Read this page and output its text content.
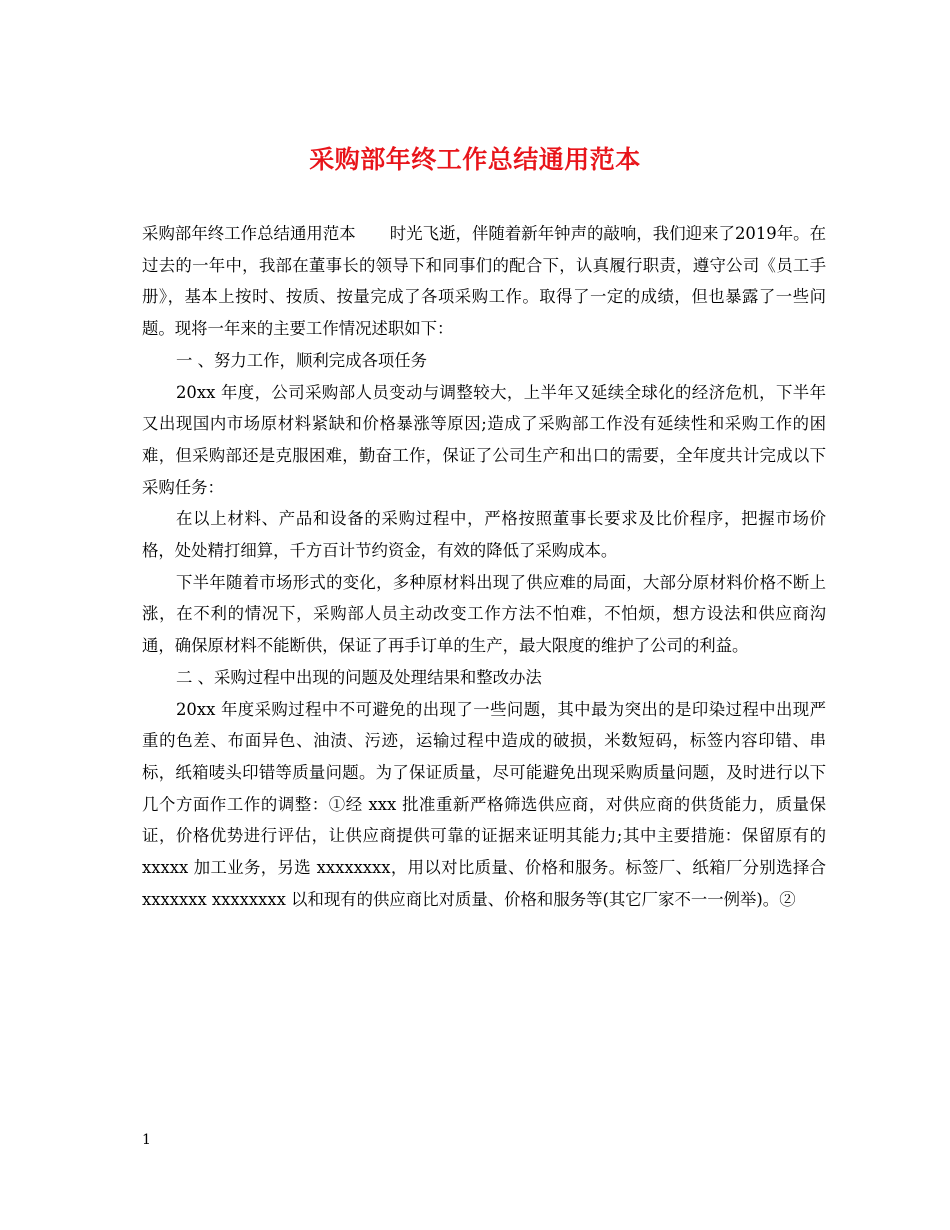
采购部年终工作总结通用范本

采购部年终工作总结通用范本 时光飞逝，伴随着新年钟声的敲响，我们迎来了2019年。在过去的一年中，我部在董事长的领导下和同事们的配合下，认真履行职责，遵守公司《员工手册》，基本上按时、按质、按量完成了各项采购工作。取得了一定的成绩，但也暴露了一些问题。现将一年来的主要工作情况述职如下：

一 、努力工作，顺利完成各项任务

20xx 年度，公司采购部人员变动与调整较大，上半年又延续全球化的经济危机，下半年又出现国内市场原材料紧缺和价格暴涨等原因;造成了采购部工作没有延续性和采购工作的困难，但采购部还是克服困难，勤奋工作，保证了公司生产和出口的需要，全年度共计完成以下采购任务：

在以上材料、产品和设备的采购过程中，严格按照董事长要求及比价程序，把握市场价格，处处精打细算，千方百计节约资金，有效的降低了采购成本。

下半年随着市场形式的变化，多种原材料出现了供应难的局面，大部分原材料价格不断上涨，在不利的情况下，采购部人员主动改变工作方法不怕难，不怕烦，想方设法和供应商沟通，确保原材料不能断供，保证了再手订单的生产，最大限度的维护了公司的利益。

二 、采购过程中出现的问题及处理结果和整改办法

20xx 年度采购过程中不可避免的出现了一些问题，其中最为突出的是印染过程中出现严重的色差、布面异色、油渍、污迹，运输过程中造成的破损，米数短码，标签内容印错、串标，纸箱唛头印错等质量问题。为了保证质量，尽可能避免出现采购质量问题，及时进行以下几个方面作工作的调整：①经 xxx 批准重新严格筛选供应商，对供应商的供货能力，质量保证，价格优势进行评估，让供应商提供可靠的证据来证明其能力;其中主要措施：保留原有的 xxxxx 加工业务，另选 xxxxxxxx，用以对比质量、价格和服务。标签厂、纸箱厂分别选择合 xxxxxxx xxxxxxxx 以和现有的供应商比对质量、价格和服务等(其它厂家不一一例举)。②

1
